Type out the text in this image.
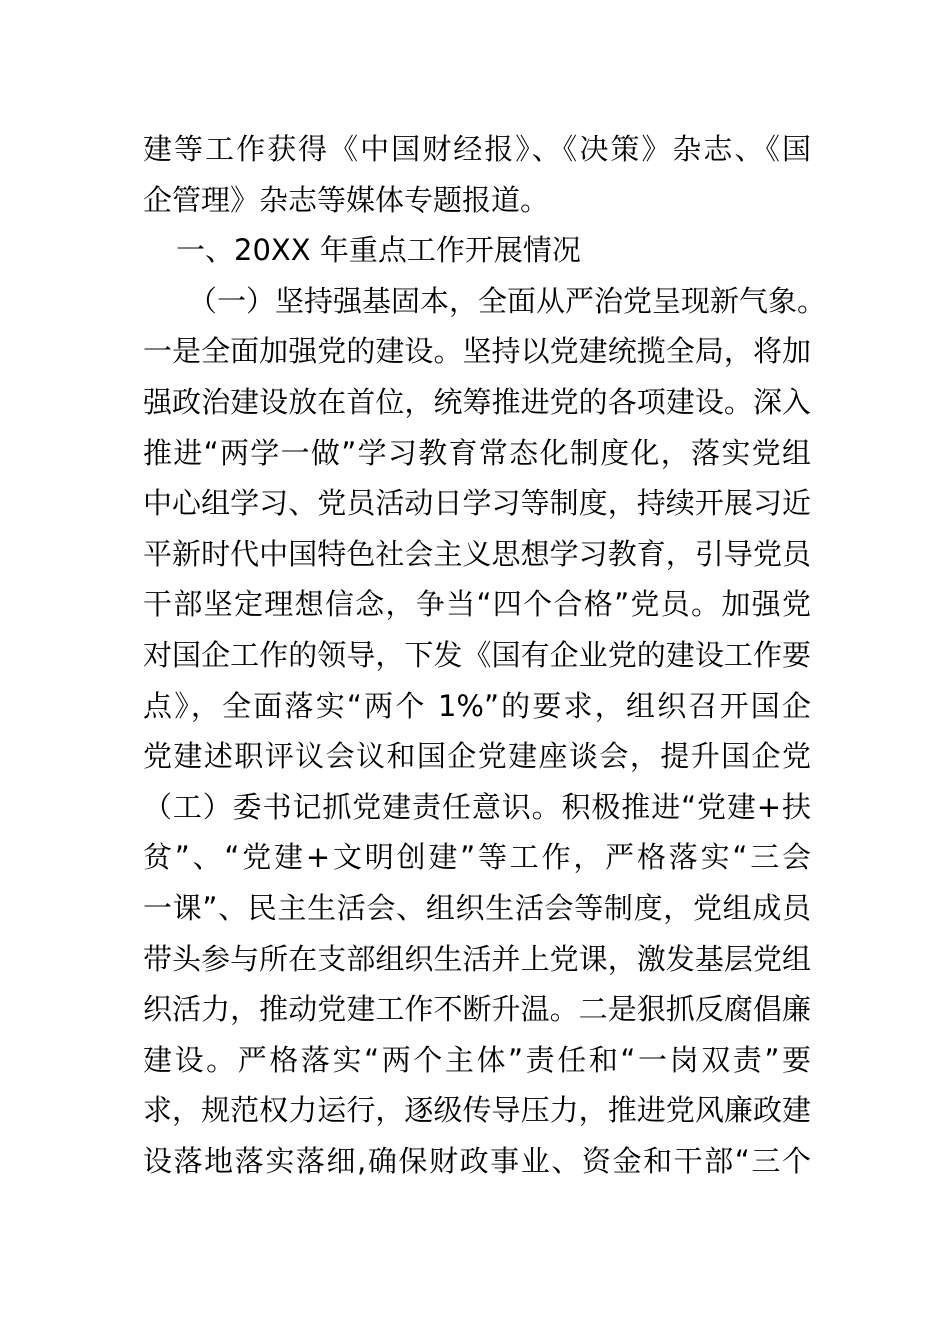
建等工作获得《中国财经报》、《决策》杂志、《国
企管理》杂志等媒体专题报道。
一、20XX 年重点工作开展情况
（一）坚持强基固本，全面从严治党呈现新气象。
一是全面加强党的建设。坚持以党建统揽全局，将加
强政治建设放在首位，统筹推进党的各项建设。深入
推进“两学一做”学习教育常态化制度化，落实党组
中心组学习、党员活动日学习等制度，持续开展习近
平新时代中国特色社会主义思想学习教育，引导党员
干部坚定理想信念，争当“四个合格”党员。加强党
对国企工作的领导，下发《国有企业党的建设工作要
点》，全面落实“两个 1%”的要求，组织召开国企
党建述职评议会议和国企党建座谈会，提升国企党
（工）委书记抓党建责任意识。积极推进“党建+扶
贫”、“党建+文明创建”等工作，严格落实“三会
一课”、民主生活会、组织生活会等制度，党组成员
带头参与所在支部组织生活并上党课，激发基层党组
织活力，推动党建工作不断升温。二是狠抓反腐倡廉
建设。严格落实“两个主体”责任和“一岗双责”要
求，规范权力运行，逐级传导压力，推进党风廉政建
设落地落实落细,确保财政事业、资金和干部“三个
